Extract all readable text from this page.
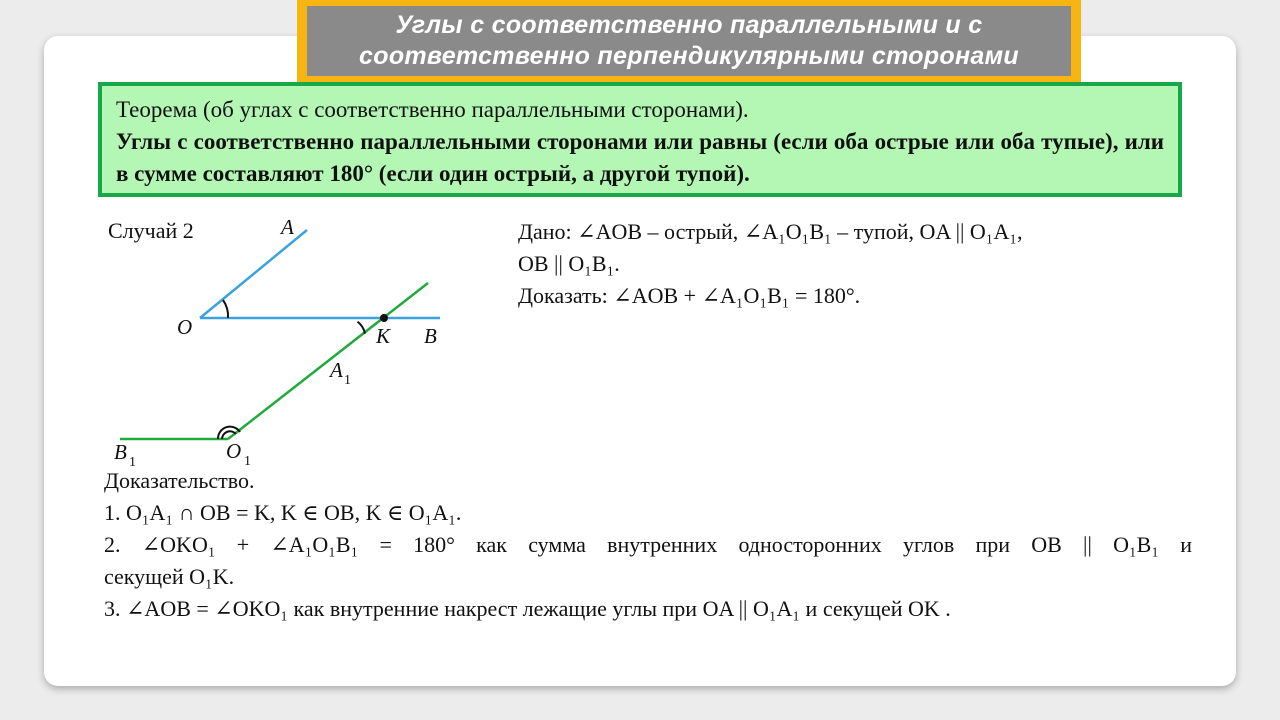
Углы с соответственно параллельными и с соответственно перпендикулярными сторонами
Теорема (об углах с соответственно параллельными сторонами).
Углы с соответственно параллельными сторонами или равны (если оба острые или оба тупые), или в сумме составляют 180° (если один острый, а другой тупой).
Случай 2	A
O	K B
A 1
B 1	O 1
Дано: ∠AOB – острый, ∠A₁O₁B₁ – тупой, OA || O₁A₁,
OB || O₁B₁.
Доказать: ∠AOB + ∠A₁O₁B₁ = 180°.
Доказательство.
1. O₁A₁ ∩ OB = K, K ∈ OB, K ∈ O₁A₁.
2. ∠OKO₁ + ∠A₁O₁B₁ = 180° как сумма внутренних односторонних углов при OB || O₁B₁ и
секущей O₁K.
3. ∠AOB = ∠OKO₁ как внутренние накрест лежащие углы при OA || O₁A₁ и секущей OK .
